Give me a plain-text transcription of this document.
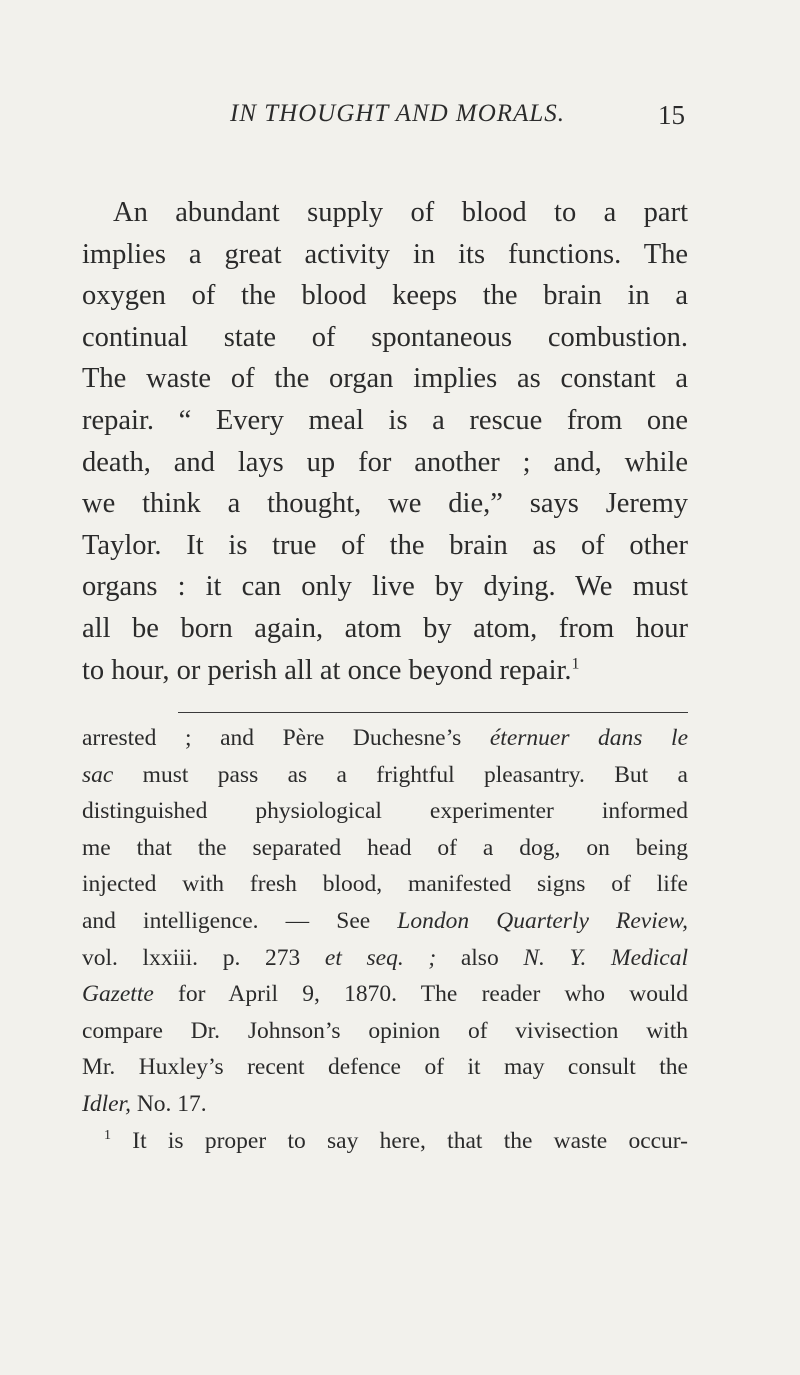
IN THOUGHT AND MORALS.	15
An abundant supply of blood to a part
implies a great activity in its functions. The
oxygen of the blood keeps the brain in a
continual state of spontaneous combustion.
The waste of the organ implies as constant a
repair. “ Every meal is a rescue from one
death, and lays up for another ; and, while
we think a thought, we die,” says Jeremy
Taylor. It is true of the brain as of other
organs : it can only live by dying. We must
all be born again, atom by atom, from hour
to hour, or perish all at once beyond repair.$^1$
arrested ; and Père Duchesne’s éternuer dans le
sac must pass as a frightful pleasantry. But a
distinguished physiological experimenter informed
me that the separated head of a dog, on being
injected with fresh blood, manifested signs of life
and intelligence. — See London Quarterly Review,
vol. lxxiii. p. 273 et seq. ; also N. Y. Medical
Gazette for April 9, 1870. The reader who would
compare Dr. Johnson’s opinion of vivisection with
Mr. Huxley’s recent defence of it may consult the
Idler, No. 17.
$^1$ It is proper to say here, that the waste occur-
